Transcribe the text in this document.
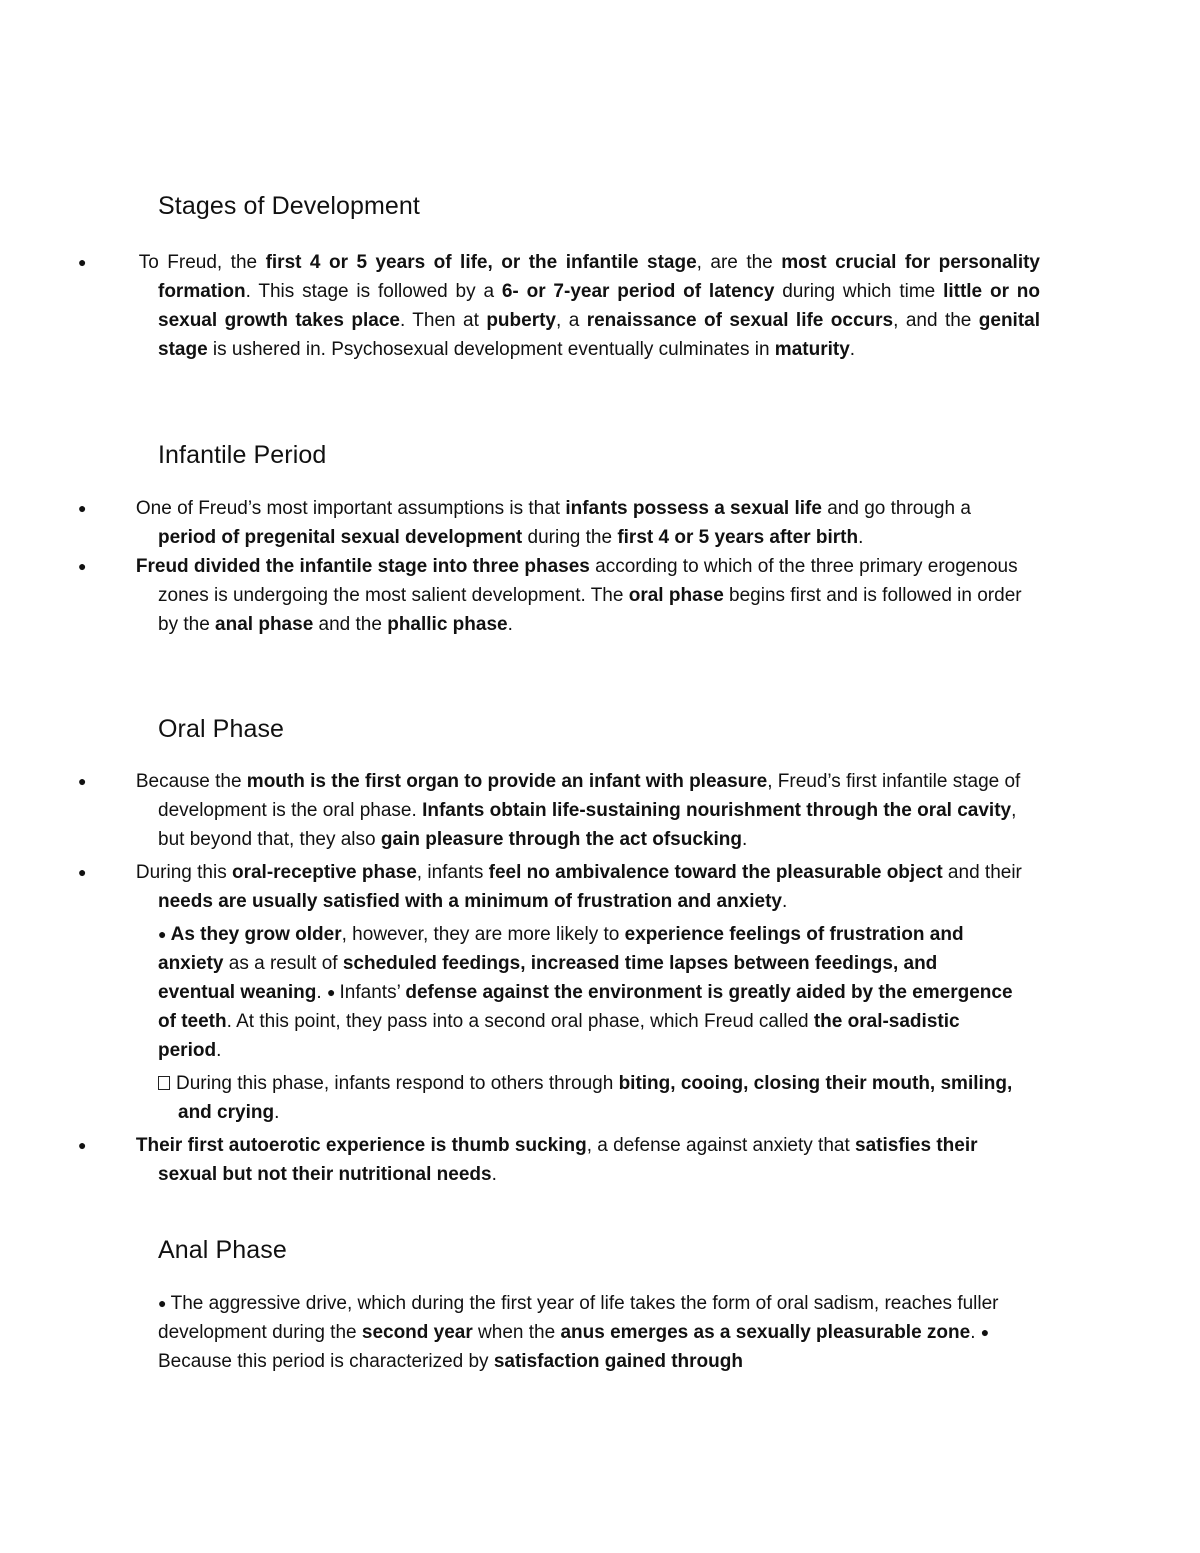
Stages of Development

●	To Freud, the first 4 or 5 years of life, or the infantile stage, are the most crucial for personality formation. This stage is followed by a 6- or 7-year period of latency during which time little or no sexual growth takes place. Then at puberty, a renaissance of sexual life occurs, and the genital stage is ushered in. Psychosexual development eventually culminates in maturity.

Infantile Period

●	One of Freud’s most important assumptions is that infants possess a sexual life and go through a period of pregenital sexual development during the first 4 or 5 years after birth.

●	Freud divided the infantile stage into three phases according to which of the three primary erogenous zones is undergoing the most salient development. The oral phase begins first and is followed in order by the anal phase and the phallic phase.

Oral Phase

●	Because the mouth is the first organ to provide an infant with pleasure, Freud’s first infantile stage of development is the oral phase. Infants obtain life-sustaining nourishment through the oral cavity, but beyond that, they also gain pleasure through the act ofsucking.

●	During this oral-receptive phase, infants feel no ambivalence toward the pleasurable object and their needs are usually satisfied with a minimum of frustration and anxiety.

● As they grow older, however, they are more likely to experience feelings of frustration and anxiety as a result of scheduled feedings, increased time lapses between feedings, and eventual weaning. ● Infants’ defense against the environment is greatly aided by the emergence of teeth. At this point, they pass into a second oral phase, which Freud called the oral-sadistic period.

During this phase, infants respond to others through biting, cooing, closing their mouth, smiling, and crying.

●	Their first autoerotic experience is thumb sucking, a defense against anxiety that satisfies their sexual but not their nutritional needs.

Anal Phase

● The aggressive drive, which during the first year of life takes the form of oral sadism, reaches fuller development during the second year when the anus emerges as a sexually pleasurable zone. ●Because this period is characterized by satisfaction gained through
